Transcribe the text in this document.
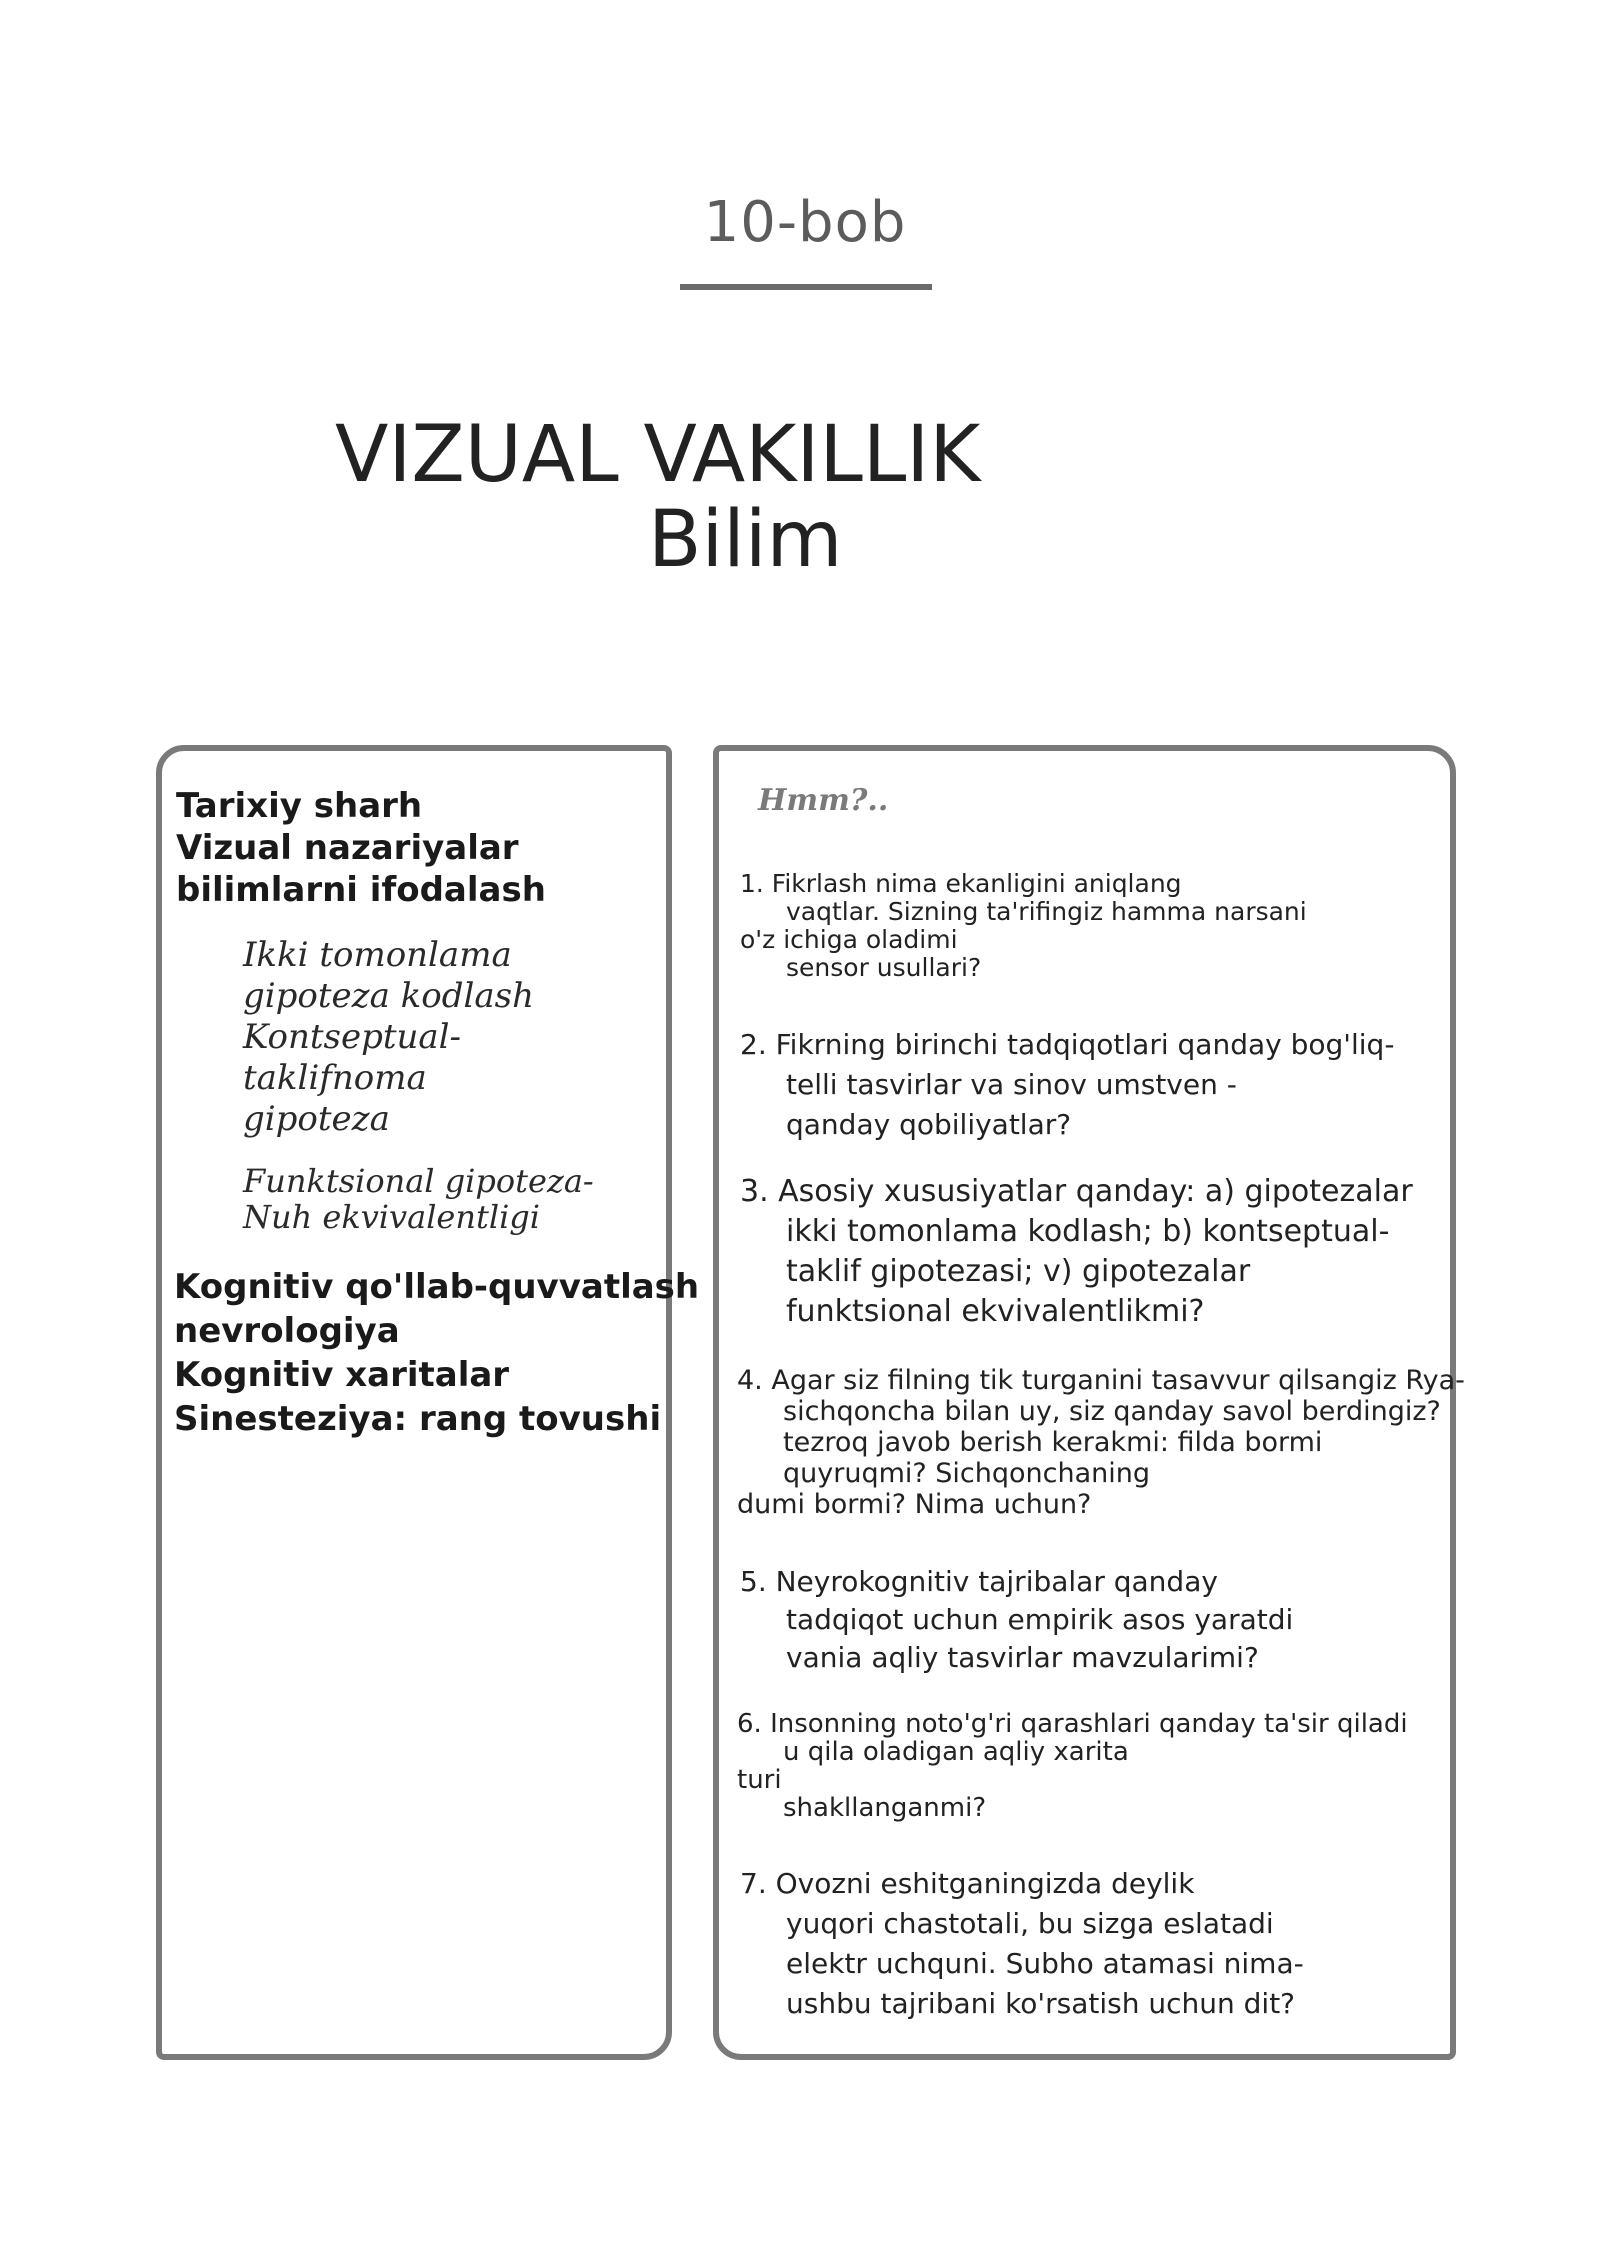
10-bob
VIZUAL VAKILLIK
Bilim
Tarixiy sharh
Vizual nazariyalar
bilimlarni ifodalash
Ikki tomonlama
gipoteza kodlash
Kontseptual-
taklifnoma
gipoteza
Funktsional gipoteza-
Nuh ekvivalentligi
Kognitiv qo'llab-quvvatlash
nevrologiya
Kognitiv xaritalar
Sinesteziya: rang tovushi
Hmm?..
1. Fikrlash nima ekanligini aniqlang
vaqtlar. Sizning ta'rifingiz hamma narsani
o'z ichiga oladimi
sensor usullari?
2. Fikrning birinchi tadqiqotlari qanday bog'liq-
telli tasvirlar va sinov umstven -
qanday qobiliyatlar?
3. Asosiy xususiyatlar qanday: a) gipotezalar
ikki tomonlama kodlash; b) kontseptual-
taklif gipotezasi; v) gipotezalar
funktsional ekvivalentlikmi?
4. Agar siz filning tik turganini tasavvur qilsangiz Rya-
sichqoncha bilan uy, siz qanday savol berdingiz?
tezroq javob berish kerakmi: filda bormi
quyruqmi? Sichqonchaning
dumi bormi? Nima uchun?
5. Neyrokognitiv tajribalar qanday
tadqiqot uchun empirik asos yaratdi
vania aqliy tasvirlar mavzularimi?
6. Insonning noto'g'ri qarashlari qanday ta'sir qiladi
u qila oladigan aqliy xarita
turi
shakllanganmi?
7. Ovozni eshitganingizda deylik
yuqori chastotali, bu sizga eslatadi
elektr uchquni. Subho atamasi nima-
ushbu tajribani ko'rsatish uchun dit?
